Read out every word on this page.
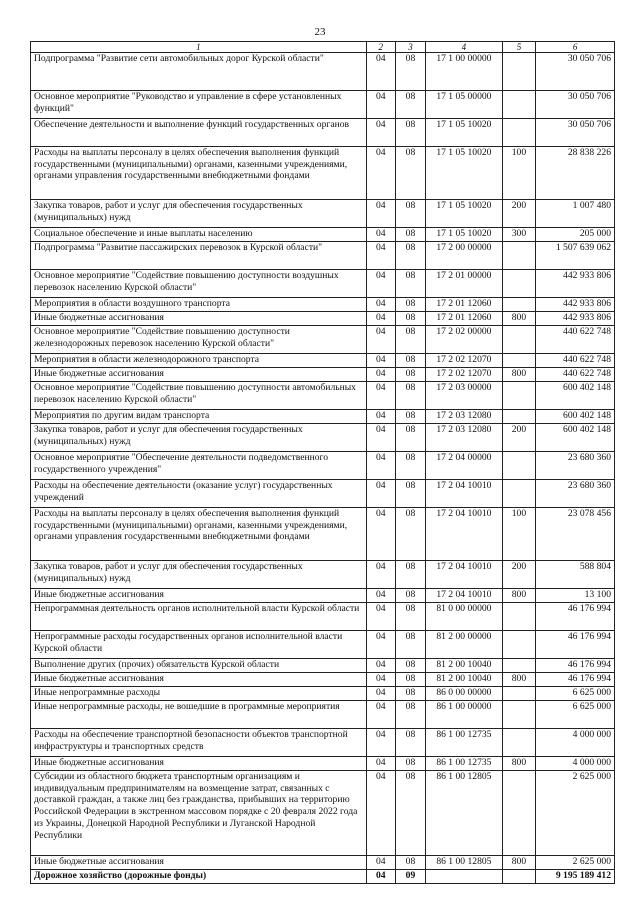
23
1	2	3	4	5	6
Подпрограмма "Развитие сети автомобильных дорог Курской области"	04	08	17 1 00 00000		30 050 706
Основное мероприятие "Руководство и управление в сфере установленных функций"	04	08	17 1 05 00000		30 050 706
Обеспечение деятельности и выполнение функций государственных органов	04	08	17 1 05 10020		30 050 706
Расходы на выплаты персоналу в целях обеспечения выполнения функций государственными (муниципальными) органами, казенными учреждениями, органами управления государственными внебюджетными фондами	04	08	17 1 05 10020	100	28 838 226
Закупка товаров, работ и услуг для обеспечения государственных (муниципальных) нужд	04	08	17 1 05 10020	200	1 007 480
Социальное обеспечение и иные выплаты населению	04	08	17 1 05 10020	300	205 000
Подпрограмма "Развитие пассажирских перевозок в Курской области"	04	08	17 2 00 00000		1 507 639 062
Основное мероприятие "Содействие повышению доступности воздушных перевозок населению Курской области"	04	08	17 2 01 00000		442 933 806
Мероприятия в области воздушного транспорта	04	08	17 2 01 12060		442 933 806
Иные бюджетные ассигнования	04	08	17 2 01 12060	800	442 933 806
Основное мероприятие "Содействие повышению доступности железнодорожных перевозок населению Курской области"	04	08	17 2 02 00000		440 622 748
Мероприятия в области железнодорожного транспорта	04	08	17 2 02 12070		440 622 748
Иные бюджетные ассигнования	04	08	17 2 02 12070	800	440 622 748
Основное мероприятие "Содействие повышению доступности автомобильных перевозок населению Курской области"	04	08	17 2 03 00000		600 402 148
Мероприятия по другим видам транспорта	04	08	17 2 03 12080		600 402 148
Закупка товаров, работ и услуг для обеспечения государственных (муниципальных) нужд	04	08	17 2 03 12080	200	600 402 148
Основное мероприятие "Обеспечение деятельности подведомственного государственного учреждения"	04	08	17 2 04 00000		23 680 360
Расходы на обеспечение деятельности (оказание услуг) государственных учреждений	04	08	17 2 04 10010		23 680 360
Расходы на выплаты персоналу в целях обеспечения выполнения функций государственными (муниципальными) органами, казенными учреждениями, органами управления государственными внебюджетными фондами	04	08	17 2 04 10010	100	23 078 456
Закупка товаров, работ и услуг для обеспечения государственных (муниципальных) нужд	04	08	17 2 04 10010	200	588 804
Иные бюджетные ассигнования	04	08	17 2 04 10010	800	13 100
Непрограммная деятельность органов исполнительной власти Курской области	04	08	81 0 00 00000		46 176 994
Непрограммные расходы государственных органов исполнительной власти Курской области	04	08	81 2 00 00000		46 176 994
Выполнение других (прочих) обязательств Курской области	04	08	81 2 00 10040		46 176 994
Иные бюджетные ассигнования	04	08	81 2 00 10040	800	46 176 994
Иные непрограммные расходы	04	08	86 0 00 00000		6 625 000
Иные непрограммные расходы, не вошедшие в программные мероприятия	04	08	86 1 00 00000		6 625 000
Расходы на обеспечение транспортной безопасности объектов транспортной инфраструктуры и транспортных средств	04	08	86 1 00 12735		4 000 000
Иные бюджетные ассигнования	04	08	86 1 00 12735	800	4 000 000
Субсидии из областного бюджета транспортным организациям и индивидуальным предпринимателям на возмещение затрат, связанных с доставкой граждан, а также лиц без гражданства, прибывших на территорию Российской Федерации в экстренном массовом порядке с 20 февраля 2022 года из Украины, Донецкой Народной Республики и Луганской Народной Республики	04	08	86 1 00 12805		2 625 000
Иные бюджетные ассигнования	04	08	86 1 00 12805	800	2 625 000
Дорожное хозяйство (дорожные фонды)	04	09			9 195 189 412
